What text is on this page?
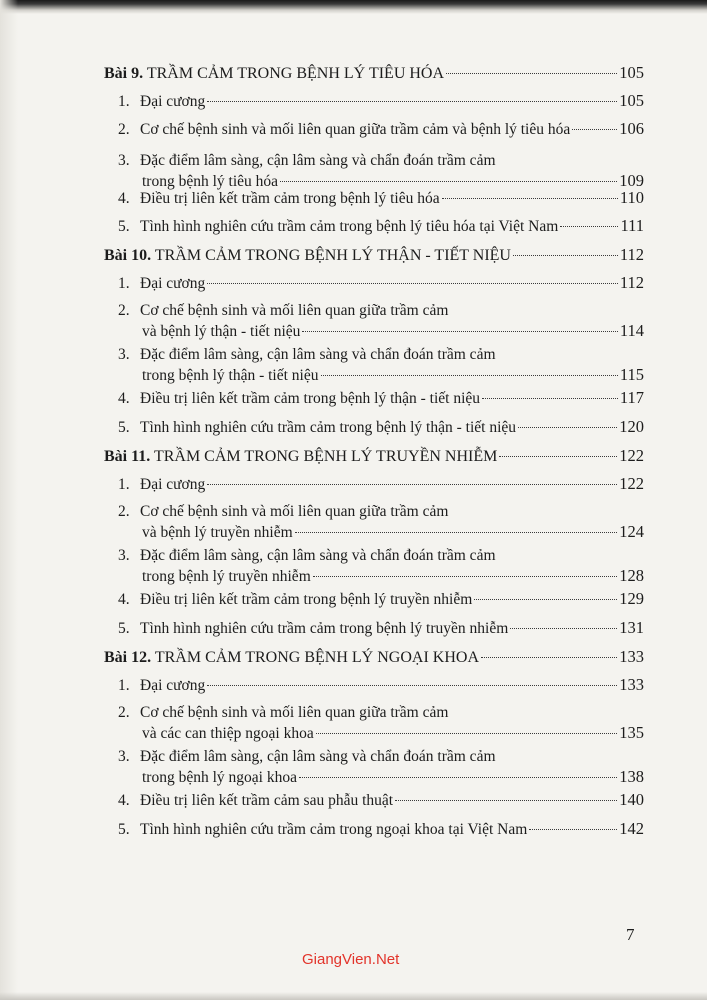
Bài 9. TRẦM CẢM TRONG BỆNH LÝ TIÊU HÓA	105
1. Đại cương	105
2. Cơ chế bệnh sinh và mối liên quan giữa trầm cảm và bệnh lý tiêu hóa	106
3. Đặc điểm lâm sàng, cận lâm sàng và chẩn đoán trầm cảm
trong bệnh lý tiêu hóa	109
4. Điều trị liên kết trầm cảm trong bệnh lý tiêu hóa	110
5. Tình hình nghiên cứu trầm cảm trong bệnh lý tiêu hóa tại Việt Nam	111
Bài 10. TRẦM CẢM TRONG BỆNH LÝ THẬN - TIẾT NIỆU	112
1. Đại cương	112
2. Cơ chế bệnh sinh và mối liên quan giữa trầm cảm
và bệnh lý thận - tiết niệu	114
3. Đặc điểm lâm sàng, cận lâm sàng và chẩn đoán trầm cảm
trong bệnh lý thận - tiết niệu	115
4. Điều trị liên kết trầm cảm trong bệnh lý thận - tiết niệu	117
5. Tình hình nghiên cứu trầm cảm trong bệnh lý thận - tiết niệu	120
Bài 11. TRẦM CẢM TRONG BỆNH LÝ TRUYỀN NHIỄM	122
1. Đại cương	122
2. Cơ chế bệnh sinh và mối liên quan giữa trầm cảm
và bệnh lý truyền nhiễm	124
3. Đặc điểm lâm sàng, cận lâm sàng và chẩn đoán trầm cảm
trong bệnh lý truyền nhiễm	128
4. Điều trị liên kết trầm cảm trong bệnh lý truyền nhiễm	129
5. Tình hình nghiên cứu trầm cảm trong bệnh lý truyền nhiễm	131
Bài 12. TRẦM CẢM TRONG BỆNH LÝ NGOẠI KHOA	133
1. Đại cương	133
2. Cơ chế bệnh sinh và mối liên quan giữa trầm cảm
và các can thiệp ngoại khoa	135
3. Đặc điểm lâm sàng, cận lâm sàng và chẩn đoán trầm cảm
trong bệnh lý ngoại khoa	138
4. Điều trị liên kết trầm cảm sau phẫu thuật	140
5. Tình hình nghiên cứu trầm cảm trong ngoại khoa tại Việt Nam	142
7
GiangVien.Net
